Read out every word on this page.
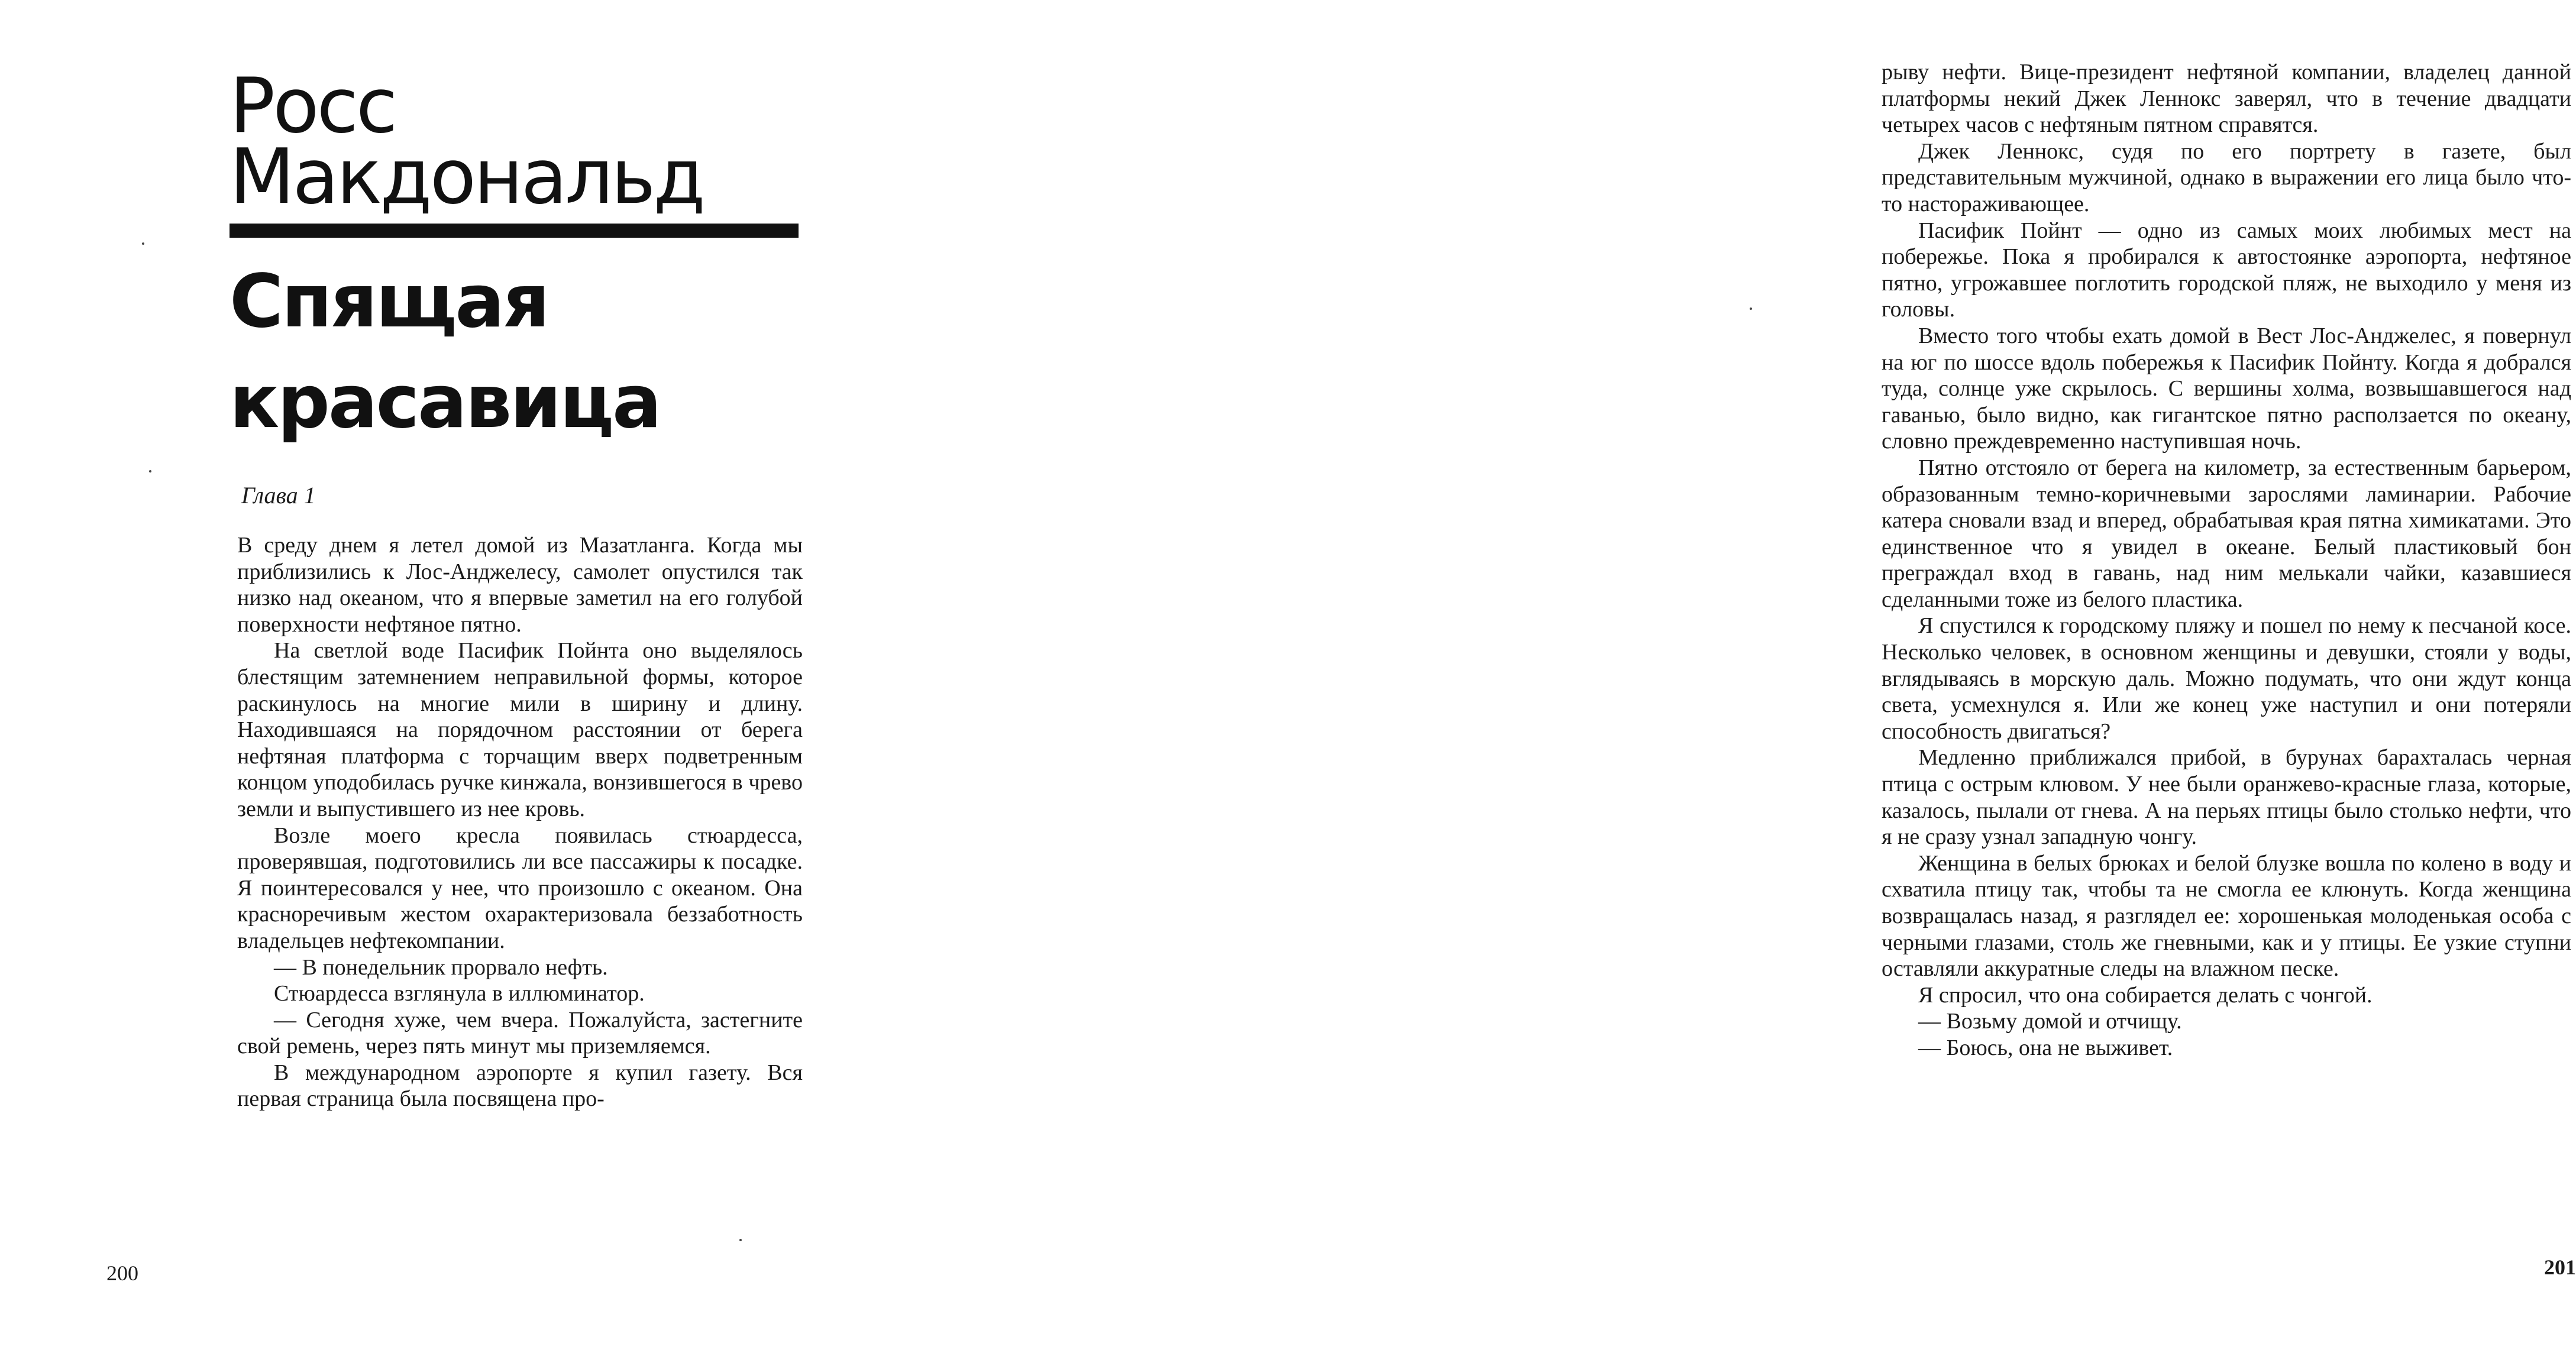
Росс
Макдональд
Спящая
красавица
Глава 1

В среду днем я летел домой из Мазатланга. Когда мы приблизились к Лос-Анджелесу, самолет опустился так низко над океаном, что я впервые заметил на его голубой поверхности нефтяное пятно.

На светлой воде Пасифик Пойнта оно выделялось блестящим затемнением неправильной формы, которое раскинулось на многие мили в ширину и длину. Находившаяся на порядочном расстоянии от берега нефтяная платформа с торчащим вверх подветренным концом уподобилась ручке кинжала, вонзившегося в чрево земли и выпустившего из нее кровь.

Возле моего кресла появилась стюардесса, проверявшая, подготовились ли все пассажиры к посадке. Я поинтересовался у нее, что произошло с океаном. Она красноречивым жестом охарактеризовала беззаботность владельцев нефтекомпании.

— В понедельник прорвало нефть.

Стюардесса взглянула в иллюминатор.

— Сегодня хуже, чем вчера. Пожалуйста, застегните свой ремень, через пять минут мы приземляемся.

В международном аэропорте я купил газету. Вся первая страница была посвящена про-

200

рыву нефти. Вице-президент нефтяной компании, владелец данной платформы некий Джек Леннокс заверял, что в течение двадцати четырех часов с нефтяным пятном справятся.

Джек Леннокс, судя по его портрету в газете, был представительным мужчиной, однако в выражении его лица было что-то настораживающее.

Пасифик Пойнт — одно из самых моих любимых мест на побережье. Пока я пробирался к автостоянке аэропорта, нефтяное пятно, угрожавшее поглотить городской пляж, не выходило у меня из головы.

Вместо того чтобы ехать домой в Вест Лос-Анджелес, я повернул на юг по шоссе вдоль побережья к Пасифик Пойнту. Когда я добрался туда, солнце уже скрылось. С вершины холма, возвышавшегося над гаванью, было видно, как гигантское пятно расползается по океану, словно преждевременно наступившая ночь.

Пятно отстояло от берега на километр, за естественным барьером, образованным темно-коричневыми зарослями ламинарии. Рабочие катера сновали взад и вперед, обрабатывая края пятна химикатами. Это единственное что я увидел в океане. Белый пластиковый бон преграждал вход в гавань, над ним мелькали чайки, казавшиеся сделанными тоже из белого пластика.

Я спустился к городскому пляжу и пошел по нему к песчаной косе. Несколько человек, в основном женщины и девушки, стояли у воды, вглядываясь в морскую даль. Можно подумать, что они ждут конца света, усмехнулся я. Или же конец уже наступил и они потеряли способность двигаться?

Медленно приближался прибой, в бурунах барахталась черная птица с острым клювом. У нее были оранжево-красные глаза, которые, казалось, пылали от гнева. А на перьях птицы было столько нефти, что я не сразу узнал западную чонгу.

Женщина в белых брюках и белой блузке вошла по колено в воду и схватила птицу так, чтобы та не смогла ее клюнуть. Когда женщина возвращалась назад, я разглядел ее: хорошенькая молоденькая особа с черными глазами, столь же гневными, как и у птицы. Ее узкие ступни оставляли аккуратные следы на влажном песке.

Я спросил, что она собирается делать с чонгой.

— Возьму домой и отчищу.

— Боюсь, она не выживет.

201
